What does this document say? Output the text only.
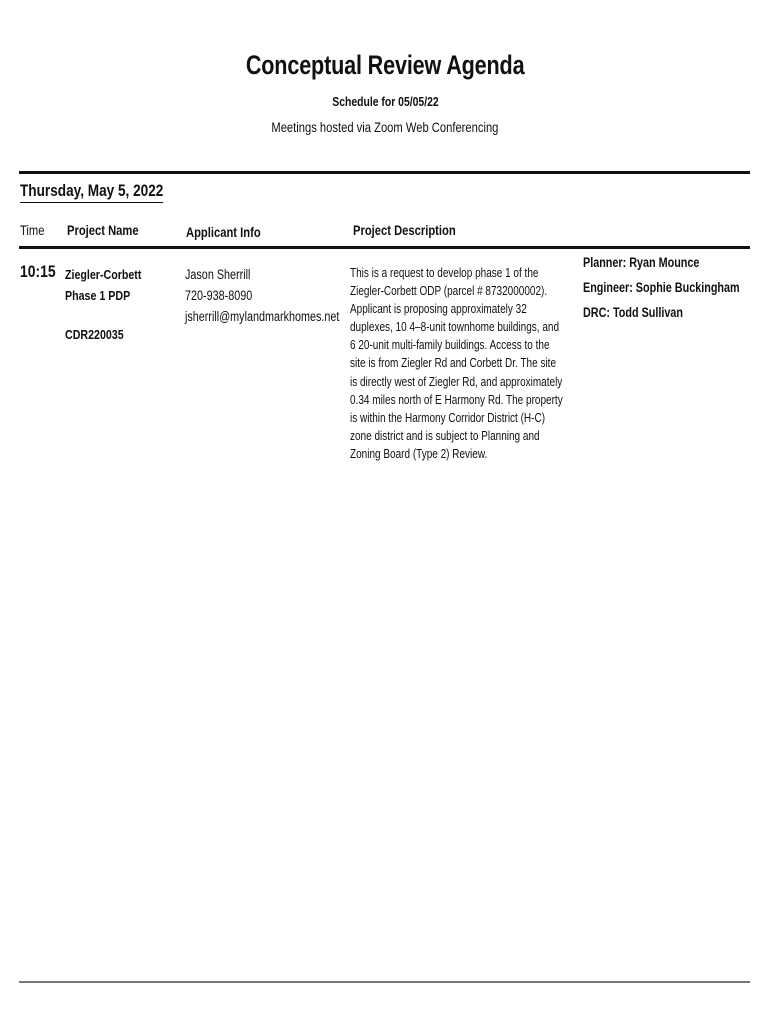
Conceptual Review Agenda
Schedule for 05/05/22
Meetings hosted via Zoom Web Conferencing
Thursday, May 5, 2022
Time Project Name	Applicant Info	Project Description
10:15 Ziegler-Corbett
Phase 1 PDP
CDR220035
Jason Sherrill
720-938-8090
jsherrill@mylandmarkhomes.net
This is a request to develop phase 1 of the
Ziegler-Corbett ODP (parcel # 8732000002).
Applicant is proposing approximately 32
duplexes, 10 4–8-unit townhome buildings, and
6 20-unit multi-family buildings. Access to the
site is from Ziegler Rd and Corbett Dr. The site
is directly west of Ziegler Rd, and approximately
0.34 miles north of E Harmony Rd. The property
is within the Harmony Corridor District (H-C)
zone district and is subject to Planning and
Zoning Board (Type 2) Review.
Planner: Ryan Mounce
Engineer: Sophie Buckingham
DRC: Todd Sullivan
